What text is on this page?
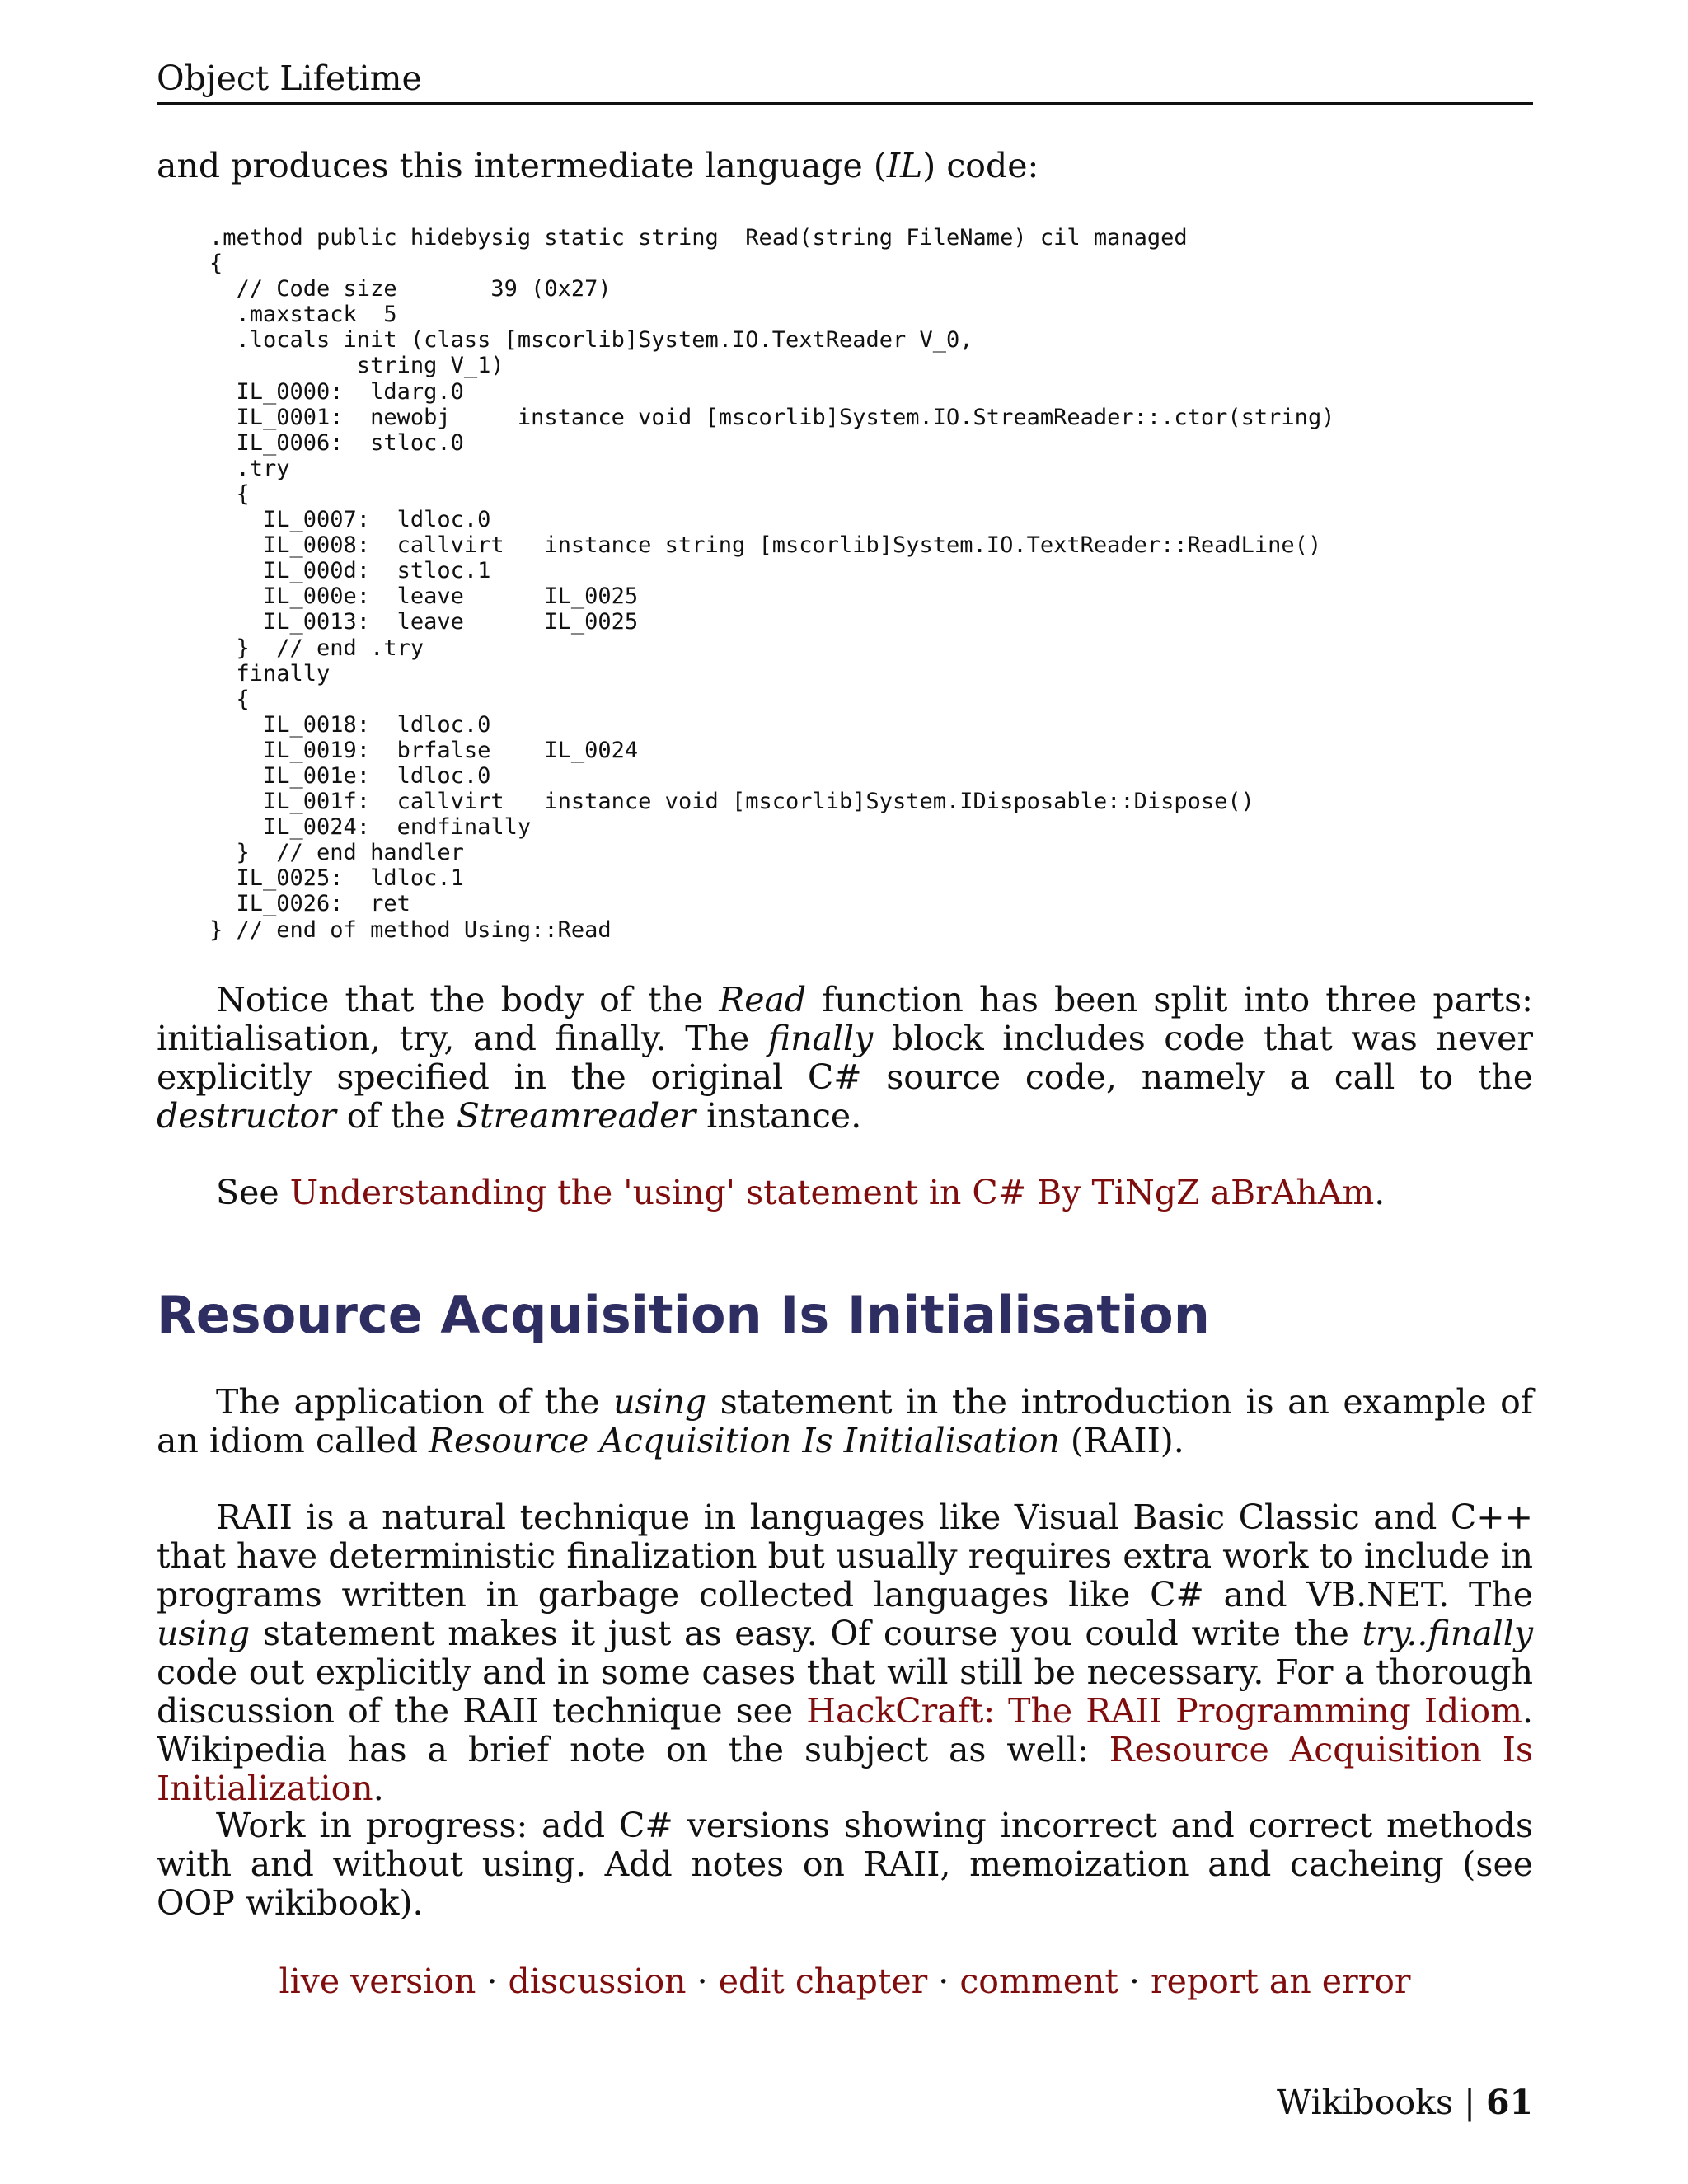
Object Lifetime
and produces this intermediate language (IL) code:
.method public hidebysig static string  Read(string FileName) cil managed
{
// Code size       39 (0x27)
.maxstack  5
.locals init (class [mscorlib]System.IO.TextReader V_0,
string V_1)
IL_0000:  ldarg.0
IL_0001:  newobj     instance void [mscorlib]System.IO.StreamReader::.ctor(string)
IL_0006:  stloc.0
.try
{
IL_0007:  ldloc.0
IL_0008:  callvirt   instance string [mscorlib]System.IO.TextReader::ReadLine()
IL_000d:  stloc.1
IL_000e:  leave      IL_0025
IL_0013:  leave      IL_0025
}  // end .try
finally
{
IL_0018:  ldloc.0
IL_0019:  brfalse    IL_0024
IL_001e:  ldloc.0
IL_001f:  callvirt   instance void [mscorlib]System.IDisposable::Dispose()
IL_0024:  endfinally
}  // end handler
IL_0025:  ldloc.1
IL_0026:  ret
} // end of method Using::Read

Notice that the body of the Read function has been split into three parts: initialisation, try, and finally. The finally block includes code that was never explicitly specified in the original C# source code, namely a call to the destructor of the Streamreader instance.

See Understanding the 'using' statement in C# By TiNgZ aBrAhAm.

Resource Acquisition Is Initialisation

The application of the using statement in the introduction is an example of an idiom called Resource Acquisition Is Initialisation (RAII).

RAII is a natural technique in languages like Visual Basic Classic and C++ that have deterministic finalization but usually requires extra work to include in programs written in garbage collected languages like C# and VB.NET. The using statement makes it just as easy. Of course you could write the try..finally code out explicitly and in some cases that will still be necessary. For a thorough discussion of the RAII technique see HackCraft: The RAII Programming Idiom. Wikipedia has a brief note on the subject as well: Resource Acquisition Is Initialization.

Work in progress: add C# versions showing incorrect and correct methods with and without using. Add notes on RAII, memoization and cacheing (see OOP wikibook).

live version · discussion · edit chapter · comment · report an error
Wikibooks | 61
